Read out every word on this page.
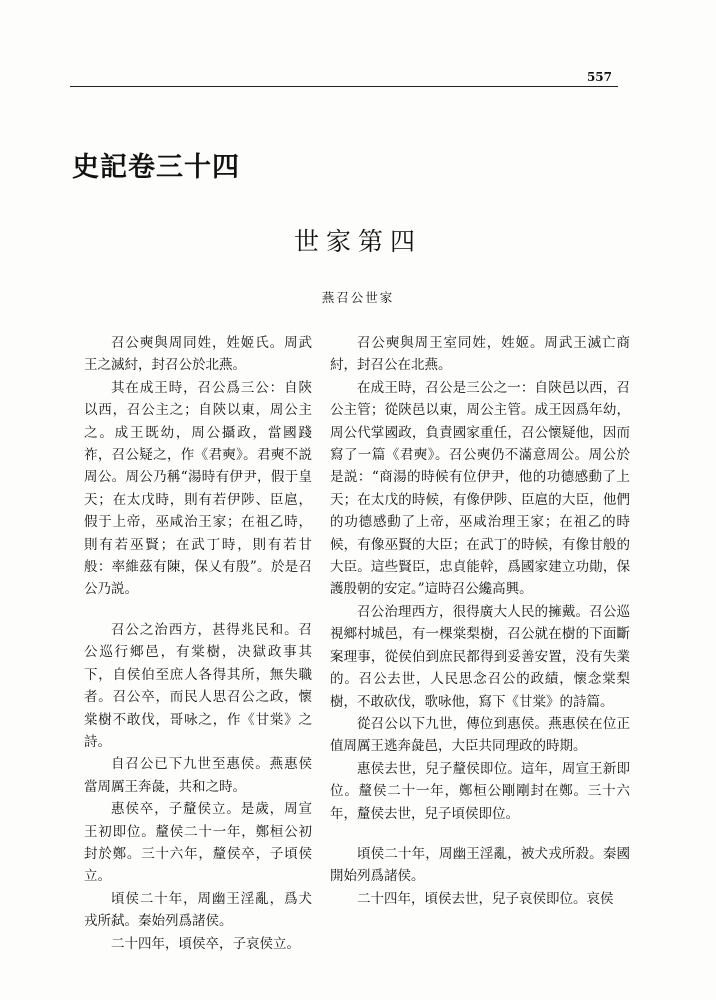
557
史記卷三十四
世家第四
燕召公世家

召公奭與周同姓，姓姬氏。周武王之滅紂，封召公於北燕。

其在成王時，召公爲三公：自陝以西，召公主之；自陝以東，周公主之。成王既幼，周公攝政，當國踐祚，召公疑之，作《君奭》。君奭不説周公。周公乃稱“湯時有伊尹，假于皇天；在太戊時，則有若伊陟、臣扈，假于上帝，巫咸治王家；在祖乙時，則有若巫賢；在武丁時，則有若甘般：率維茲有陳，保乂有殷”。於是召公乃説。

召公之治西方，甚得兆民和。召公巡行鄉邑，有棠樹，决獄政事其下，自侯伯至庶人各得其所，無失職者。召公卒，而民人思召公之政，懷棠樹不敢伐，哥咏之，作《甘棠》之詩。

自召公已下九世至惠侯。燕惠侯當周厲王奔彘，共和之時。

惠侯卒，子釐侯立。是歲，周宣王初即位。釐侯二十一年，鄭桓公初封於鄭。三十六年，釐侯卒，子頃侯立。

頃侯二十年，周幽王淫亂，爲犬戎所弑。秦始列爲諸侯。

二十四年，頃侯卒，子哀侯立。

召公奭與周王室同姓，姓姬。周武王滅亡商紂，封召公在北燕。

在成王時，召公是三公之一：自陝邑以西，召公主管；從陝邑以東，周公主管。成王因爲年幼，周公代掌國政，負責國家重任，召公懷疑他，因而寫了一篇《君奭》。召公奭仍不滿意周公。周公於是説：“商湯的時候有位伊尹，他的功德感動了上天；在太戊的時候，有像伊陟、臣扈的大臣，他們的功德感動了上帝，巫咸治理王家；在祖乙的時候，有像巫賢的大臣；在武丁的時候，有像甘般的大臣。這些賢臣，忠貞能幹，爲國家建立功勛，保護殷朝的安定。”這時召公纔高興。

召公治理西方，很得廣大人民的擁戴。召公巡視鄉村城邑，有一棵棠梨樹，召公就在樹的下面斷案理事，從侯伯到庶民都得到妥善安置，没有失業的。召公去世，人民思念召公的政績，懷念棠梨樹，不敢砍伐，歌咏他，寫下《甘棠》的詩篇。

從召公以下九世，傳位到惠侯。燕惠侯在位正值周厲王逃奔彘邑，大臣共同理政的時期。

惠侯去世，兒子釐侯即位。這年，周宣王新即位。釐侯二十一年，鄭桓公剛剛封在鄭。三十六年，釐侯去世，兒子頃侯即位。

頃侯二十年，周幽王淫亂，被犬戎所殺。秦國開始列爲諸侯。

二十四年，頃侯去世，兒子哀侯即位。哀侯
